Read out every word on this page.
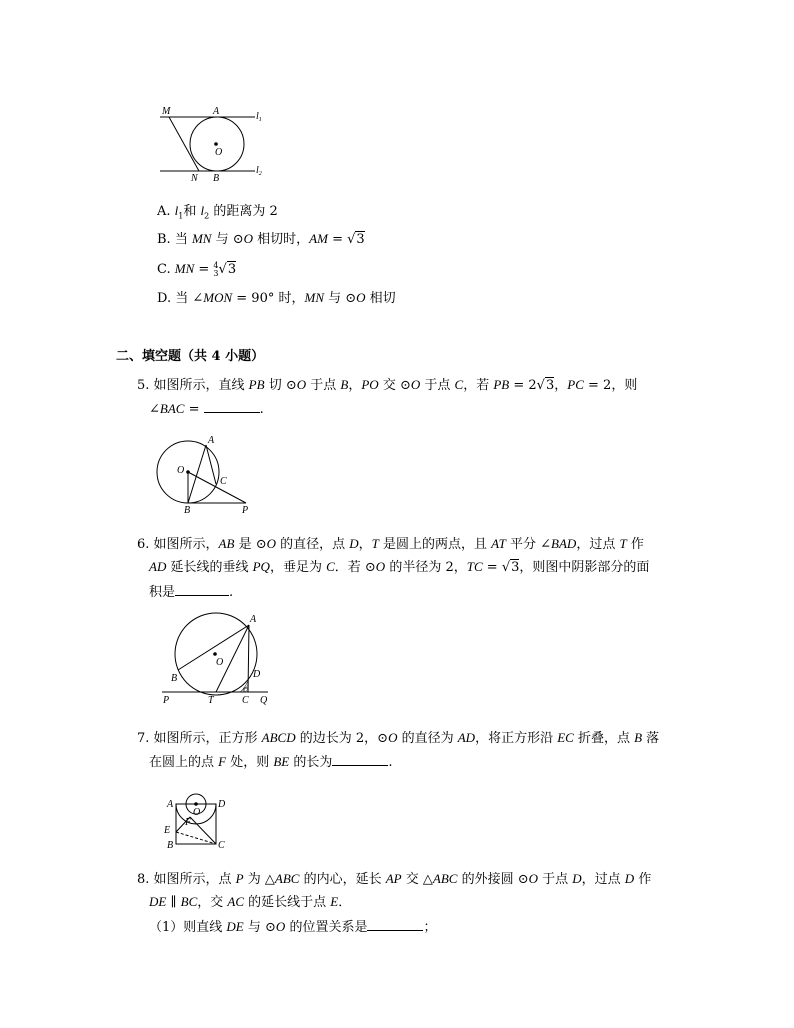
M	A	$l_1$
O
$l_2$
N B
A. $l_1$和 $l_2$ 的距离为 2
B. 当 MN 与 ⊙O 相切时，AM = √3
C. MN = 4
3√3
D. 当 ∠MON = 90° 时，MN 与 ⊙O 相切
二、填空题（共 4 小题）
5. 如图所示，直线 PB 切 ⊙O 于点 B，PO 交 ⊙O 于点 C，若 PB = 2√3，PC = 2，则
∠BAC =	.
A
O
C
B	P
6. 如图所示，AB 是 ⊙O 的直径，点 D，T 是圆上的两点，且 AT 平分 ∠BAD，过点 T 作
AD 延长线的垂线 PQ，垂足为 C．若 ⊙O 的半径为 2，TC = √3，则图中阴影部分的面
积是	.
A
O
D
B
P	T	C Q
7. 如图所示，正方形 ABCD 的边长为 2，⊙O 的直径为 AD，将正方形沿 EC 折叠，点 B 落
在圆上的点 F 处，则 BE 的长为	.
A
O
D
F
E
B	C
8. 如图所示，点 P 为 △ABC 的内心，延长 AP 交 △ABC 的外接圆 ⊙O 于点 D，过点 D 作
DE ∥ BC，交 AC 的延长线于点 E．
（1）则直线 DE 与 ⊙O 的位置关系是	；
